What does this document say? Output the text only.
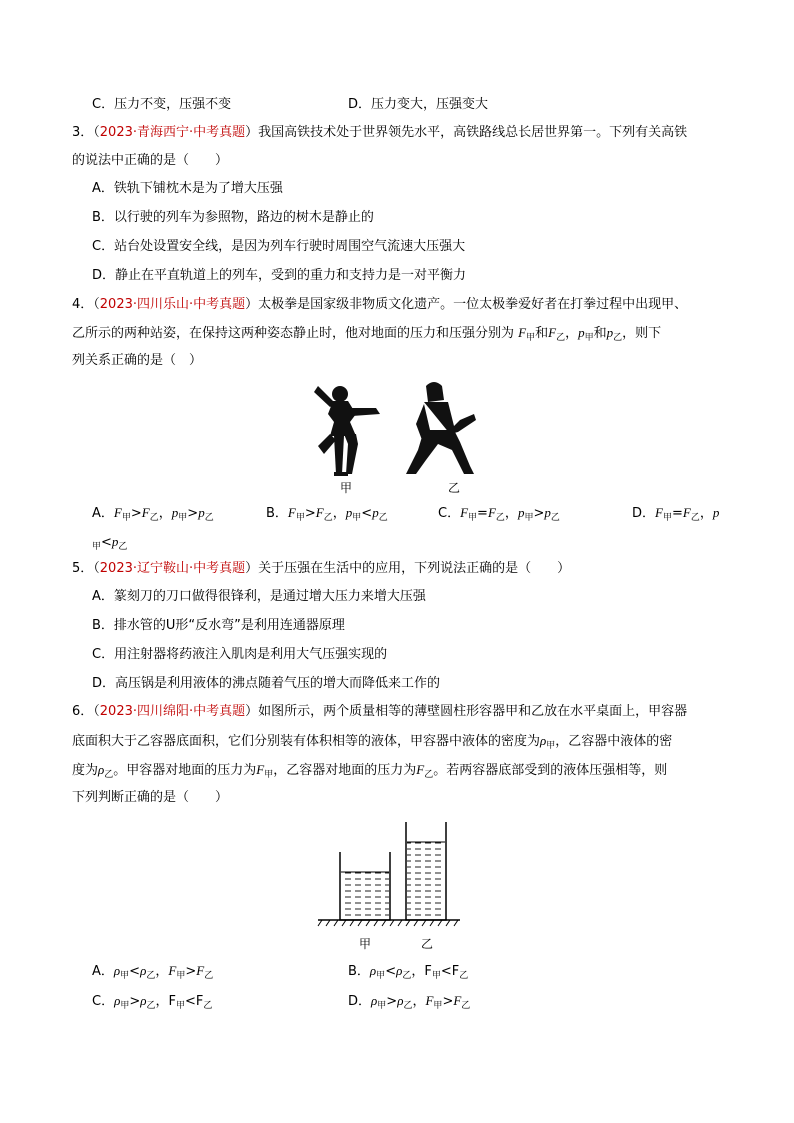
C．压力不变，压强不变	D．压力变大，压强变大
3．（2023·青海西宁·中考真题）我国高铁技术处于世界领先水平，高铁路线总长居世界第一。下列有关高铁
的说法中正确的是（　　）
A．铁轨下铺枕木是为了增大压强
B．以行驶的列车为参照物，路边的树木是静止的
C．站台处设置安全线，是因为列车行驶时周围空气流速大压强大
D．静止在平直轨道上的列车，受到的重力和支持力是一对平衡力
4．（2023·四川乐山·中考真题）太极拳是国家级非物质文化遗产。一位太极拳爱好者在打拳过程中出现甲、
乙所示的两种站姿，在保持这两种姿态静止时，他对地面的压力和压强分别为 $F_甲$和$F_乙$，$p_甲$和$p_乙$，则下
列关系正确的是（　）
甲	乙
A．$F_甲>F_乙$，$p_甲>p_乙$	B．$F_甲>F_乙$，$p_甲<p_乙$	C．$F_甲=F_乙$，$p_甲>p_乙$	D．$F_甲=F_乙$，p
$_甲<p_乙$
5．（2023·辽宁鞍山·中考真题）关于压强在生活中的应用，下列说法正确的是（　　）
A．篆刻刀的刀口做得很锋利，是通过增大压力来增大压强
B．排水管的U形“反水弯”是利用连通器原理
C．用注射器将药液注入肌肉是利用大气压强实现的
D．高压锅是利用液体的沸点随着气压的增大而降低来工作的
6．（2023·四川绵阳·中考真题）如图所示，两个质量相等的薄壁圆柱形容器甲和乙放在水平桌面上，甲容器
底面积大于乙容器底面积，它们分别装有体积相等的液体，甲容器中液体的密度为$\rho_甲$，乙容器中液体的密
度为$\rho_乙$。甲容器对地面的压力为$F_甲$，乙容器对地面的压力为$F_乙$。若两容器底部受到的液体压强相等，则
下列判断正确的是（　　）
甲	乙
A．$\rho_甲<\rho_乙$，$F_甲>F_乙$	B．$\rho_甲<\rho_乙$，$F_甲<F_乙$
C．$\rho_甲>\rho_乙$，$F_甲<F_乙$	D．$\rho_甲>\rho_乙$，$F_甲>F_乙$
